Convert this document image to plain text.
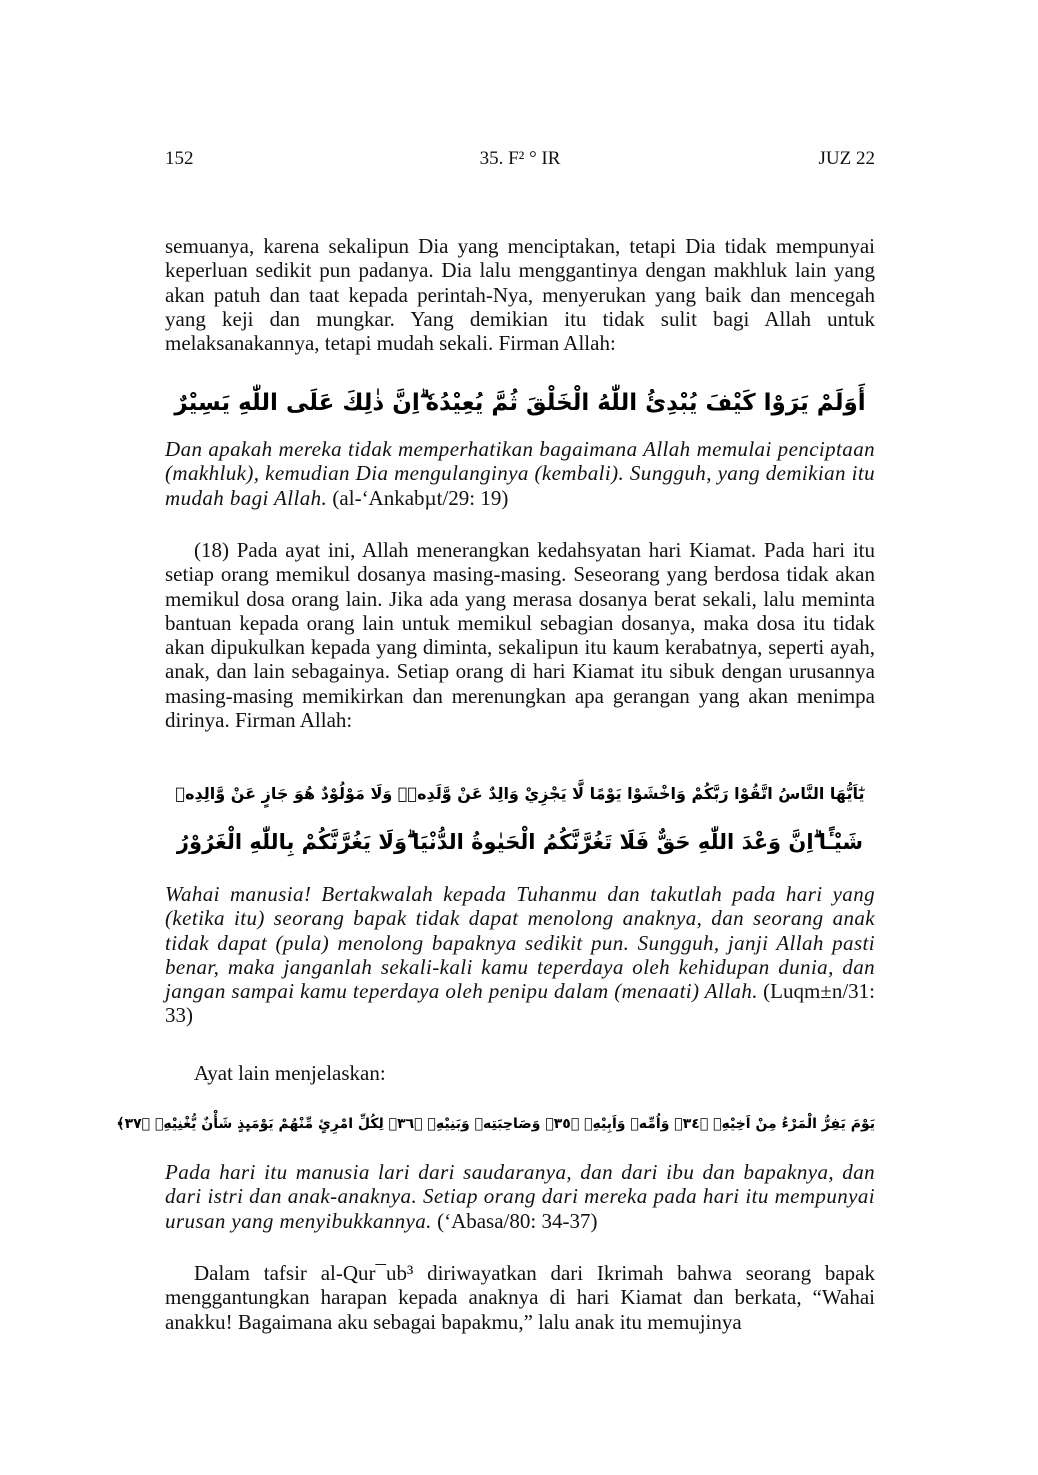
152	35. F² ° IR	JUZ 22

semuanya, karena sekalipun Dia yang menciptakan, tetapi Dia tidak mempunyai keperluan sedikit pun padanya. Dia lalu menggantinya dengan makhluk lain yang akan patuh dan taat kepada perintah-Nya, menyerukan yang baik dan mencegah yang keji dan mungkar. Yang demikian itu tidak sulit bagi Allah untuk melaksanakannya, tetapi mudah sekali. Firman Allah:

أَوَلَمْ يَرَوْا كَيْفَ يُبْدِئُ اللّٰهُ الْخَلْقَ ثُمَّ يُعِيْدُهٗ ۗاِنَّ ذٰلِكَ عَلَى اللّٰهِ يَسِيْرٌ

Dan apakah mereka tidak memperhatikan bagaimana Allah memulai penciptaan (makhluk), kemudian Dia mengulanginya (kembali). Sungguh, yang demikian itu mudah bagi Allah. (al-‘Ankabµt/29: 19)

(18) Pada ayat ini, Allah menerangkan kedahsyatan hari Kiamat. Pada hari itu setiap orang memikul dosanya masing-masing. Seseorang yang berdosa tidak akan memikul dosa orang lain. Jika ada yang merasa dosanya berat sekali, lalu meminta bantuan kepada orang lain untuk memikul sebagian dosanya, maka dosa itu tidak akan dipukulkan kepada yang diminta, sekalipun itu kaum kerabatnya, seperti ayah, anak, dan lain sebagainya. Setiap orang di hari Kiamat itu sibuk dengan urusannya masing-masing memikirkan dan merenungkan apa gerangan yang akan menimpa dirinya. Firman Allah:

يٰٓاَيُّهَا النَّاسُ اتَّقُوْا رَبَّكُمْ وَاخْشَوْا يَوْمًا لَّا يَجْزِيْ وَالِدٌ عَنْ وَّلَدِهٖۖ وَلَا مَوْلُوْدٌ هُوَ جَازٍ عَنْ وَّالِدِهٖ
شَيْـًٔا ۗاِنَّ وَعْدَ اللّٰهِ حَقٌّ فَلَا تَغُرَّنَّكُمُ الْحَيٰوةُ الدُّنْيَا ۗوَلَا يَغُرَّنَّكُمْ بِاللّٰهِ الْغَرُوْرُ

Wahai manusia! Bertakwalah kepada Tuhanmu dan takutlah pada hari yang (ketika itu) seorang bapak tidak dapat menolong anaknya, dan seorang anak tidak dapat (pula) menolong bapaknya sedikit pun. Sungguh, janji Allah pasti benar, maka janganlah sekali-kali kamu teperdaya oleh kehidupan dunia, dan jangan sampai kamu teperdaya oleh penipu dalam (menaati) Allah. (Luqm±n/31: 33)

Ayat lain menjelaskan:

يَوْمَ يَفِرُّ الْمَرْءُ مِنْ اَخِيْهِۙ ﴿٣٤﴾ وَاُمِّهٖ وَاَبِيْهِۙ ﴿٣٥﴾ وَصَاحِبَتِهٖ وَبَنِيْهِۗ ﴿٣٦﴾ لِكُلِّ امْرِئٍ مِّنْهُمْ يَوْمَىِٕذٍ شَأْنٌ يُّغْنِيْهِۗ ﴿٣٧﴾

Pada hari itu manusia lari dari saudaranya, dan dari ibu dan bapaknya, dan dari istri dan anak-anaknya. Setiap orang dari mereka pada hari itu mempunyai urusan yang menyibukkannya. (‘Abasa/80: 34-37)

Dalam tafsir al-Qur¯ub³ diriwayatkan dari Ikrimah bahwa seorang bapak menggantungkan harapan kepada anaknya di hari Kiamat dan berkata, “Wahai anakku! Bagaimana aku sebagai bapakmu,” lalu anak itu memujinya
